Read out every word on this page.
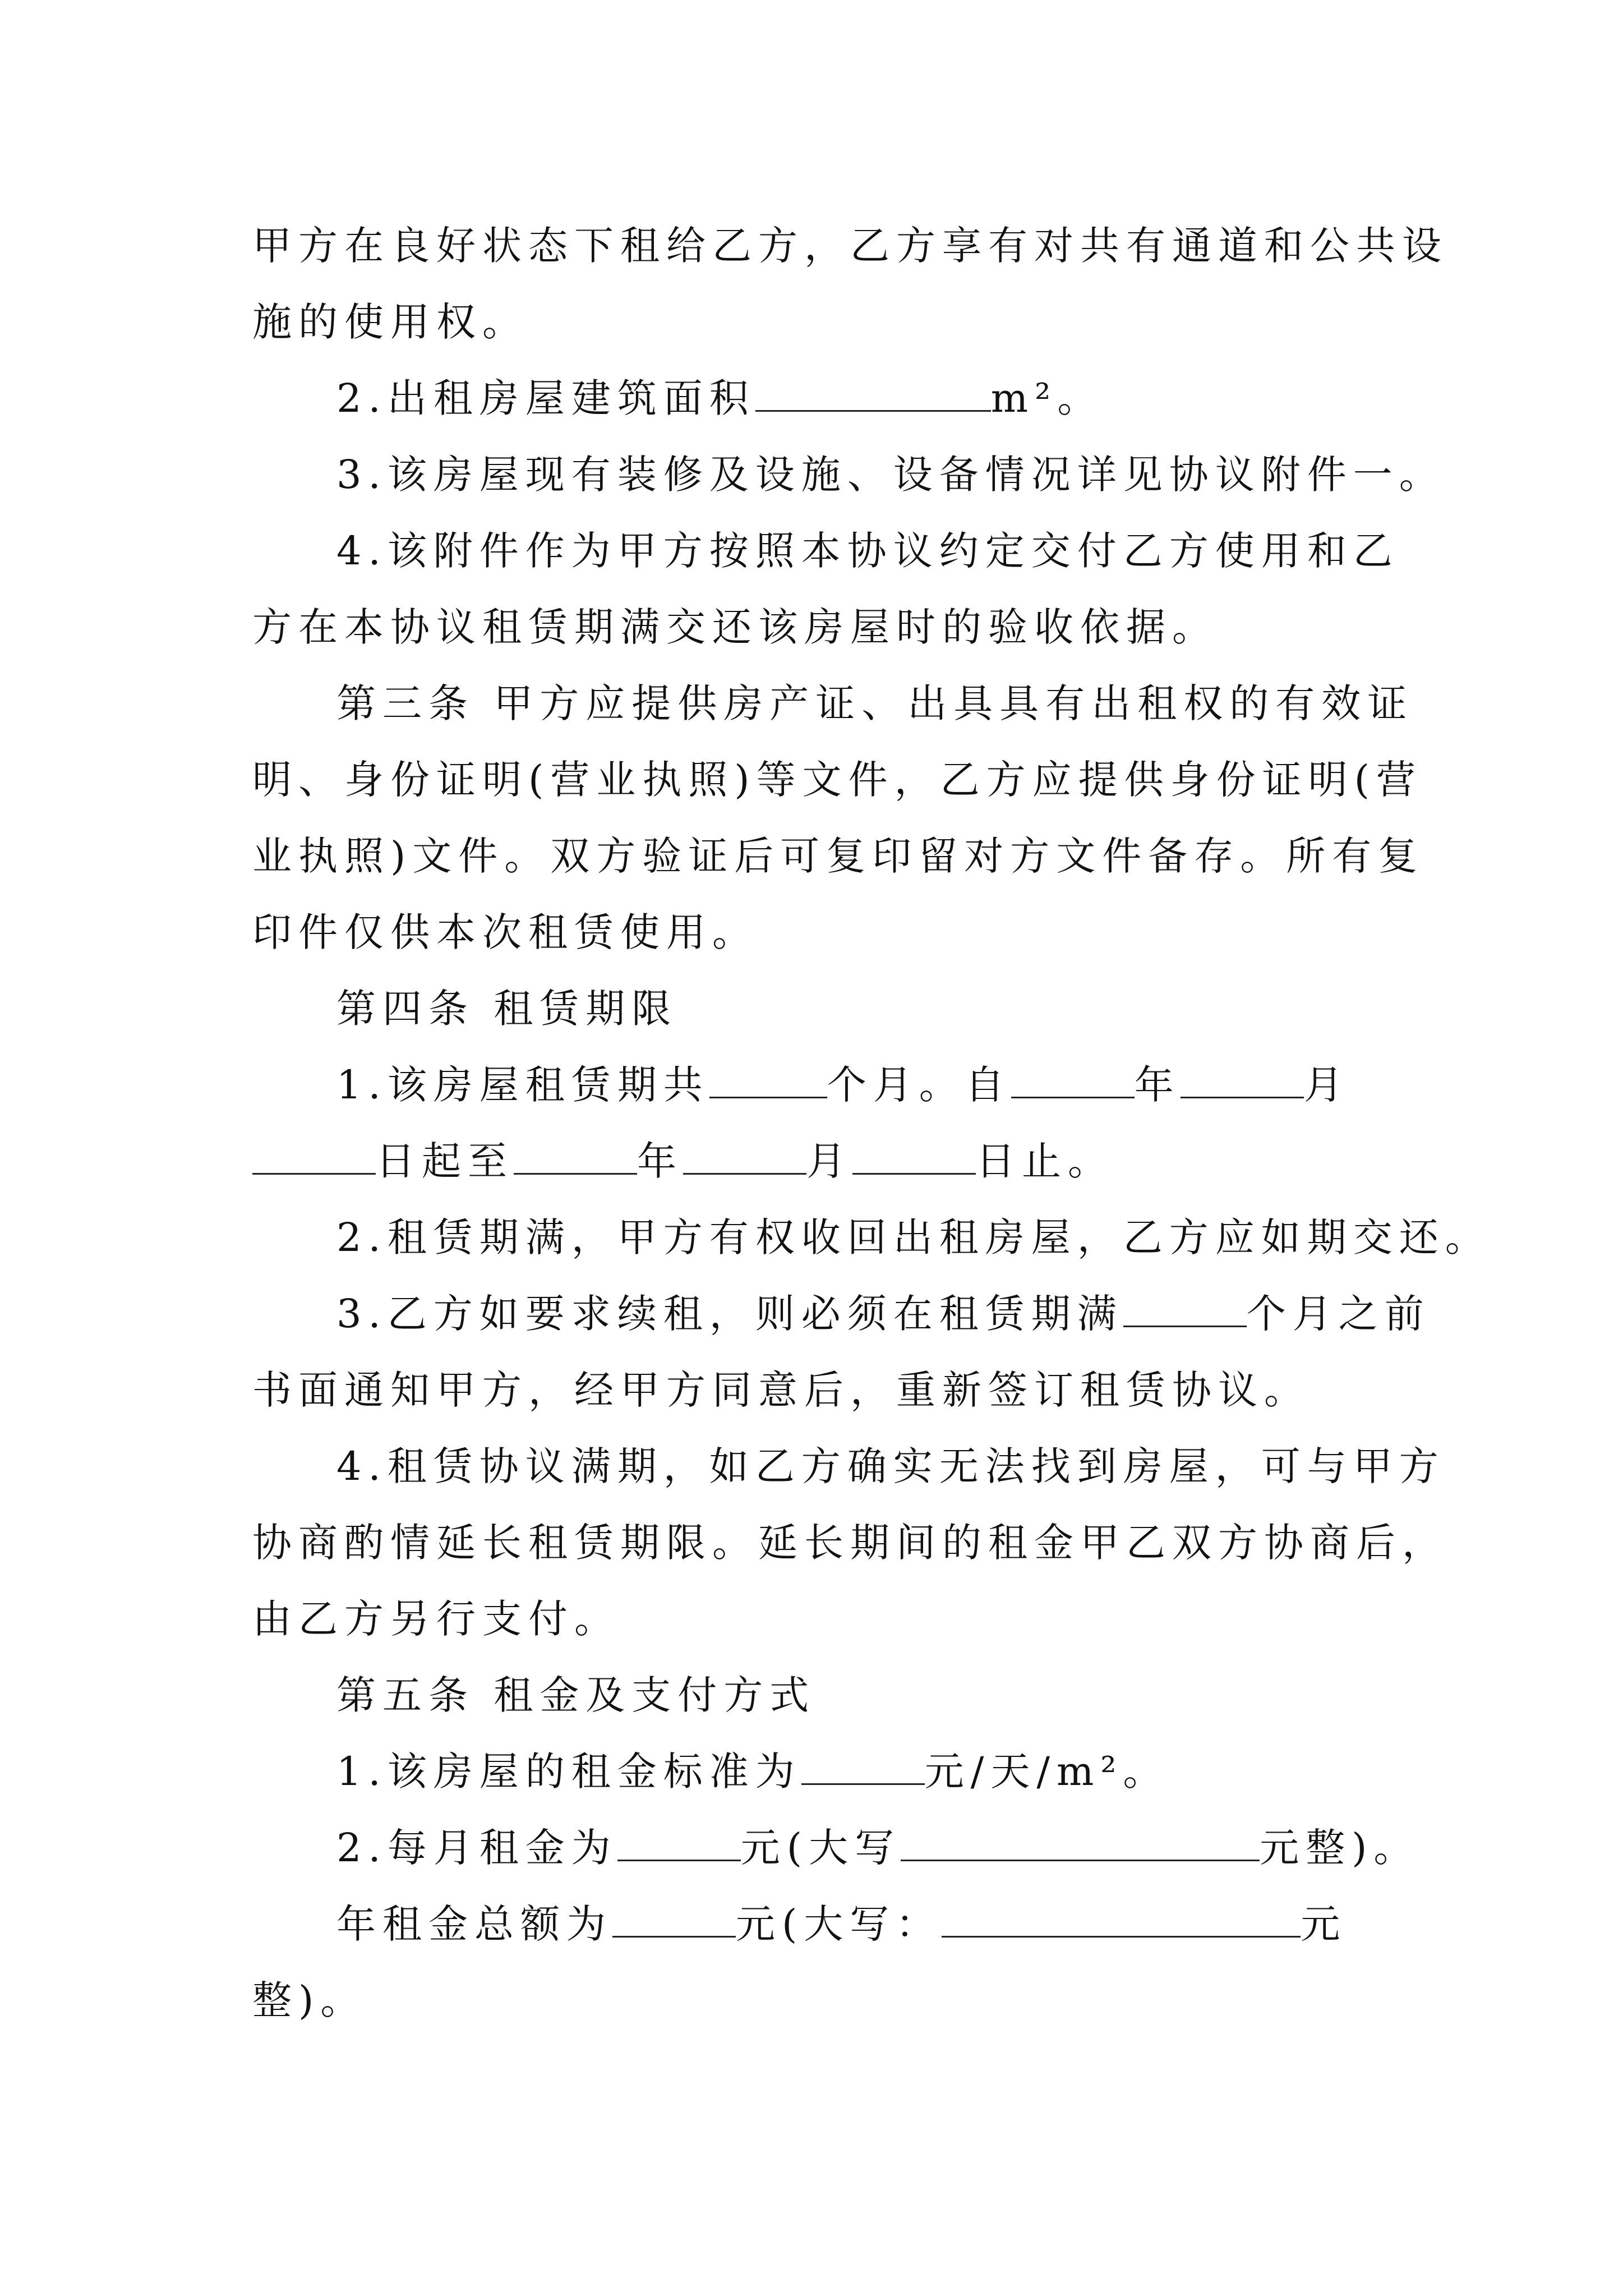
甲方在良好状态下租给乙方，乙方享有对共有通道和公共设
施的使用权。
2.出租房屋建筑面积	m²。
3.该房屋现有装修及设施、设备情况详见协议附件一。
4.该附件作为甲方按照本协议约定交付乙方使用和乙
方在本协议租赁期满交还该房屋时的验收依据。
第三条 甲方应提供房产证、出具具有出租权的有效证
明、身份证明(营业执照)等文件，乙方应提供身份证明(营
业执照)文件。双方验证后可复印留对方文件备存。所有复
印件仅供本次租赁使用。
第四条 租赁期限
1.该房屋租赁期共	个月。自	年	月
日起至	年	月	日止。
2.租赁期满，甲方有权收回出租房屋，乙方应如期交还。
3.乙方如要求续租，则必须在租赁期满	个月之前
书面通知甲方，经甲方同意后，重新签订租赁协议。
4.租赁协议满期，如乙方确实无法找到房屋，可与甲方
协商酌情延长租赁期限。延长期间的租金甲乙双方协商后，
由乙方另行支付。
第五条 租金及支付方式
1.该房屋的租金标准为	元/天/m²。
2.每月租金为	元(大写	元整)。
年租金总额为	元(大写：	元
整)。
